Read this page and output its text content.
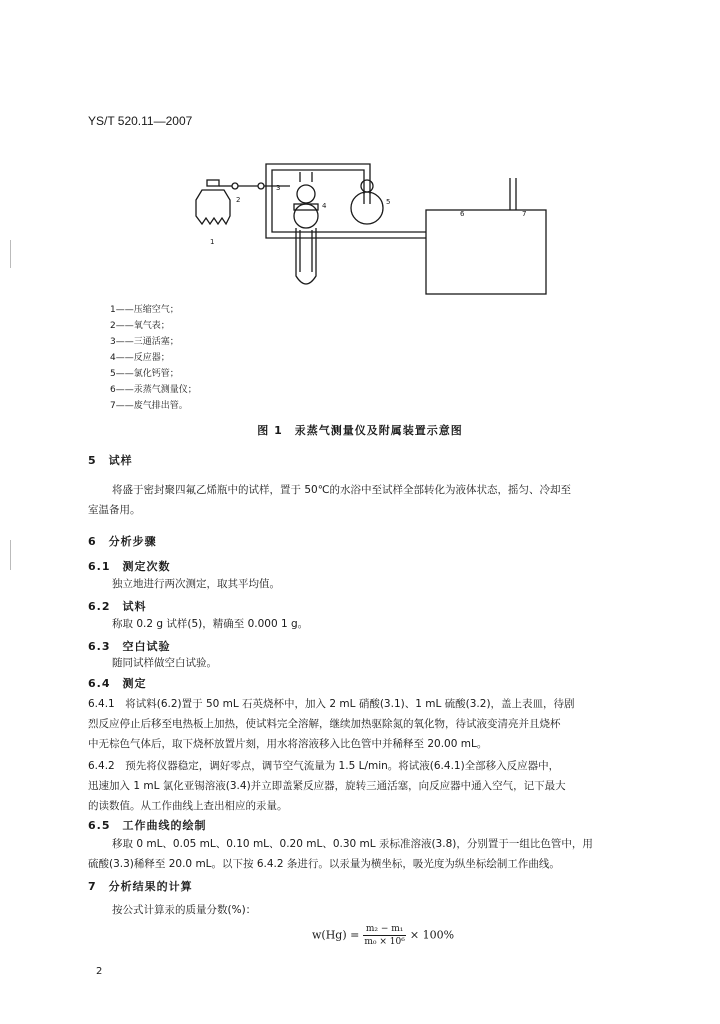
YS/T 520.11—2007
1
2
3
4	5
6	7
1——压缩空气；
2——氧气表；
3——三通活塞；
4——反应器；
5——氯化钙管；
6——汞蒸气测量仪；
7——废气排出管。
图 1　汞蒸气测量仪及附属装置示意图
5　试样
将盛于密封聚四氟乙烯瓶中的试样，置于 50℃的水浴中至试样全部转化为液体状态，摇匀、冷却至
室温备用。
6　分析步骤
6.1　测定次数
独立地进行两次测定，取其平均值。
6.2　试料
称取 0.2 g 试样(5)，精确至 0.000 1 g。
6.3　空白试验
随同试样做空白试验。
6.4　测定
6.4.1　将试料(6.2)置于 50 mL 石英烧杯中，加入 2 mL 硝酸(3.1)、1 mL 硫酸(3.2)，盖上表皿，待剧
烈反应停止后移至电热板上加热，使试料完全溶解，继续加热驱除氮的氧化物，待试液变清亮并且烧杯
中无棕色气体后，取下烧杯放置片刻，用水将溶液移入比色管中并稀释至 20.00 mL。
6.4.2　预先将仪器稳定，调好零点，调节空气流量为 1.5 L/min。将试液(6.4.1)全部移入反应器中，
迅速加入 1 mL 氯化亚锡溶液(3.4)并立即盖紧反应器，旋转三通活塞，向反应器中通入空气，记下最大
的读数值。从工作曲线上查出相应的汞量。
6.5　工作曲线的绘制
移取 0 mL、0.05 mL、0.10 mL、0.20 mL、0.30 mL 汞标准溶液(3.8)，分别置于一组比色管中，用
硫酸(3.3)稀释至 20.0 mL。以下按 6.4.2 条进行。以汞量为横坐标，吸光度为纵坐标绘制工作曲线。
7　分析结果的计算
按公式计算汞的质量分数(%)：
$w(Hg) = \frac{\text{m₂ − m₁}}{\text{m₀ × 10⁶}} \times 100\%$
2
